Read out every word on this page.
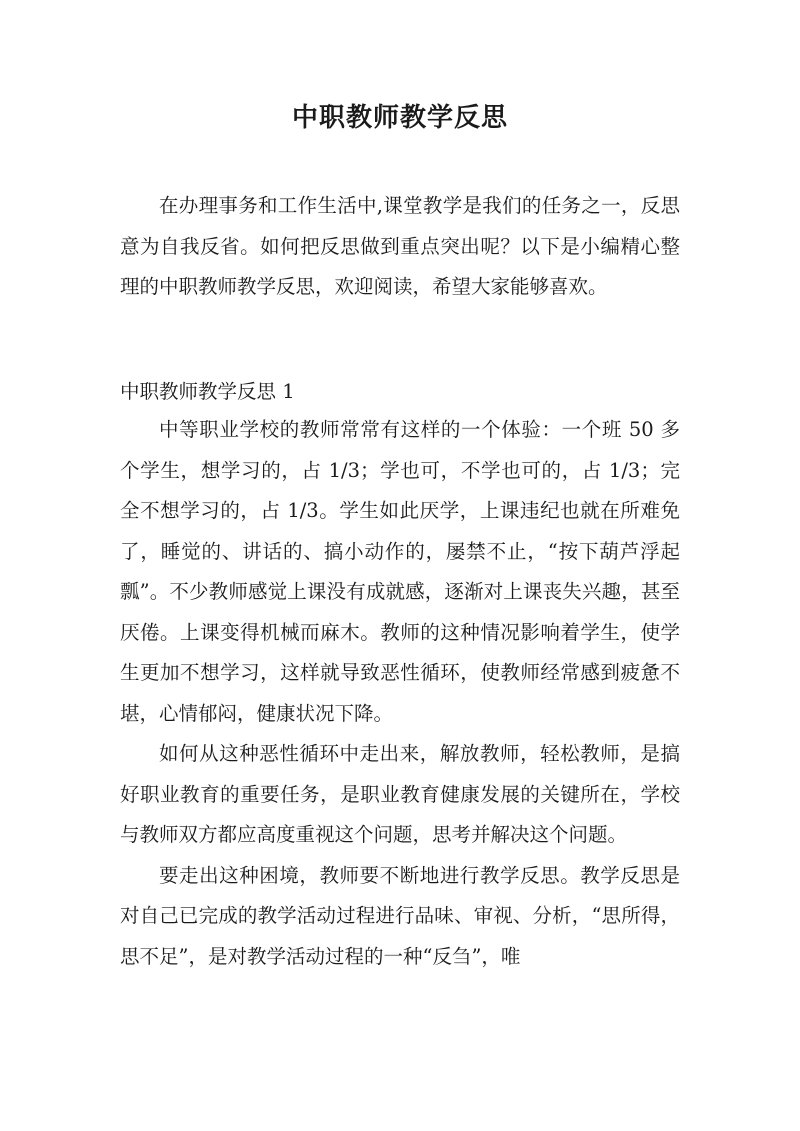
中职教师教学反思

在办理事务和工作生活中,课堂教学是我们的任务之一，反思意为自我反省。如何把反思做到重点突出呢？以下是小编精心整理的中职教师教学反思，欢迎阅读，希望大家能够喜欢。

中职教师教学反思 1

中等职业学校的教师常常有这样的一个体验：一个班 50 多个学生，想学习的，占 1/3；学也可，不学也可的，占 1/3；完全不想学习的，占 1/3。学生如此厌学，上课违纪也就在所难免了，睡觉的、讲话的、搞小动作的，屡禁不止，“按下葫芦浮起瓢”。不少教师感觉上课没有成就感，逐渐对上课丧失兴趣，甚至厌倦。上课变得机械而麻木。教师的这种情况影响着学生，使学生更加不想学习，这样就导致恶性循环，使教师经常感到疲惫不堪，心情郁闷，健康状况下降。

如何从这种恶性循环中走出来，解放教师，轻松教师，是搞好职业教育的重要任务，是职业教育健康发展的关键所在，学校与教师双方都应高度重视这个问题，思考并解决这个问题。

要走出这种困境，教师要不断地进行教学反思。教学反思是对自己已完成的教学活动过程进行品味、审视、分析，“思所得，思不足”，是对教学活动过程的一种“反刍”，唯
